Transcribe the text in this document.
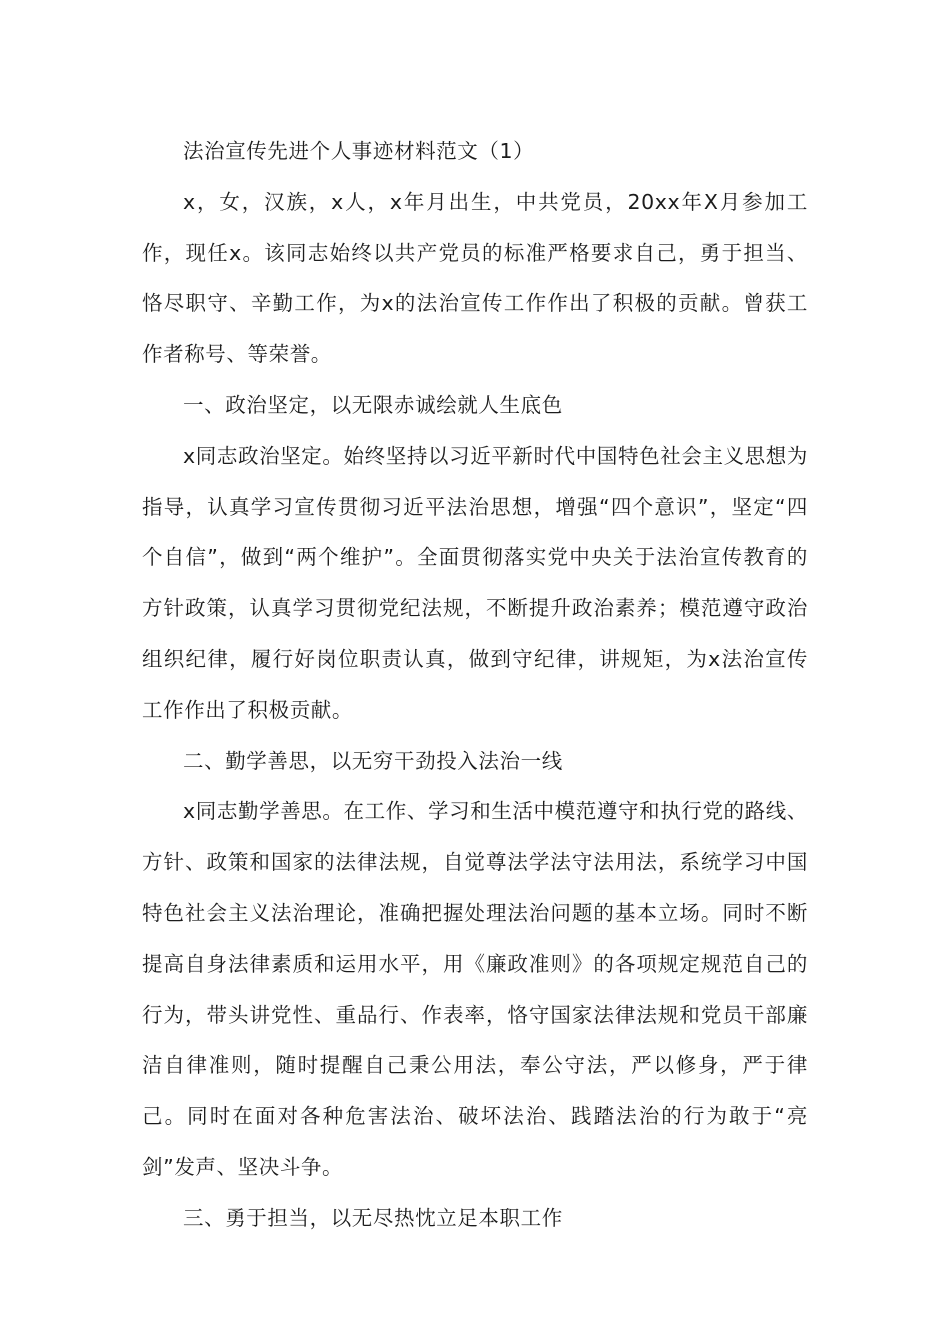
法治宣传先进个人事迹材料范文（1）

x，女，汉族，x人，x年月出生，中共党员，20xx年X月参加工作，现任x。该同志始终以共产党员的标准严格要求自己，勇于担当、恪尽职守、辛勤工作，为x的法治宣传工作作出了积极的贡献。曾获工作者称号、等荣誉。

一、政治坚定，以无限赤诚绘就人生底色

x同志政治坚定。始终坚持以习近平新时代中国特色社会主义思想为指导，认真学习宣传贯彻习近平法治思想，增强“四个意识”，坚定“四个自信”，做到“两个维护”。全面贯彻落实党中央关于法治宣传教育的方针政策，认真学习贯彻党纪法规，不断提升政治素养；模范遵守政治组织纪律，履行好岗位职责认真，做到守纪律，讲规矩，为x法治宣传工作作出了积极贡献。

二、勤学善思，以无穷干劲投入法治一线

x同志勤学善思。在工作、学习和生活中模范遵守和执行党的路线、方针、政策和国家的法律法规，自觉尊法学法守法用法，系统学习中国特色社会主义法治理论，准确把握处理法治问题的基本立场。同时不断提高自身法律素质和运用水平，用《廉政准则》的各项规定规范自己的行为，带头讲党性、重品行、作表率，恪守国家法律法规和党员干部廉洁自律准则，随时提醒自己秉公用法，奉公守法，严以修身，严于律己。同时在面对各种危害法治、破坏法治、践踏法治的行为敢于“亮剑”发声、坚决斗争。

三、勇于担当，以无尽热忱立足本职工作
